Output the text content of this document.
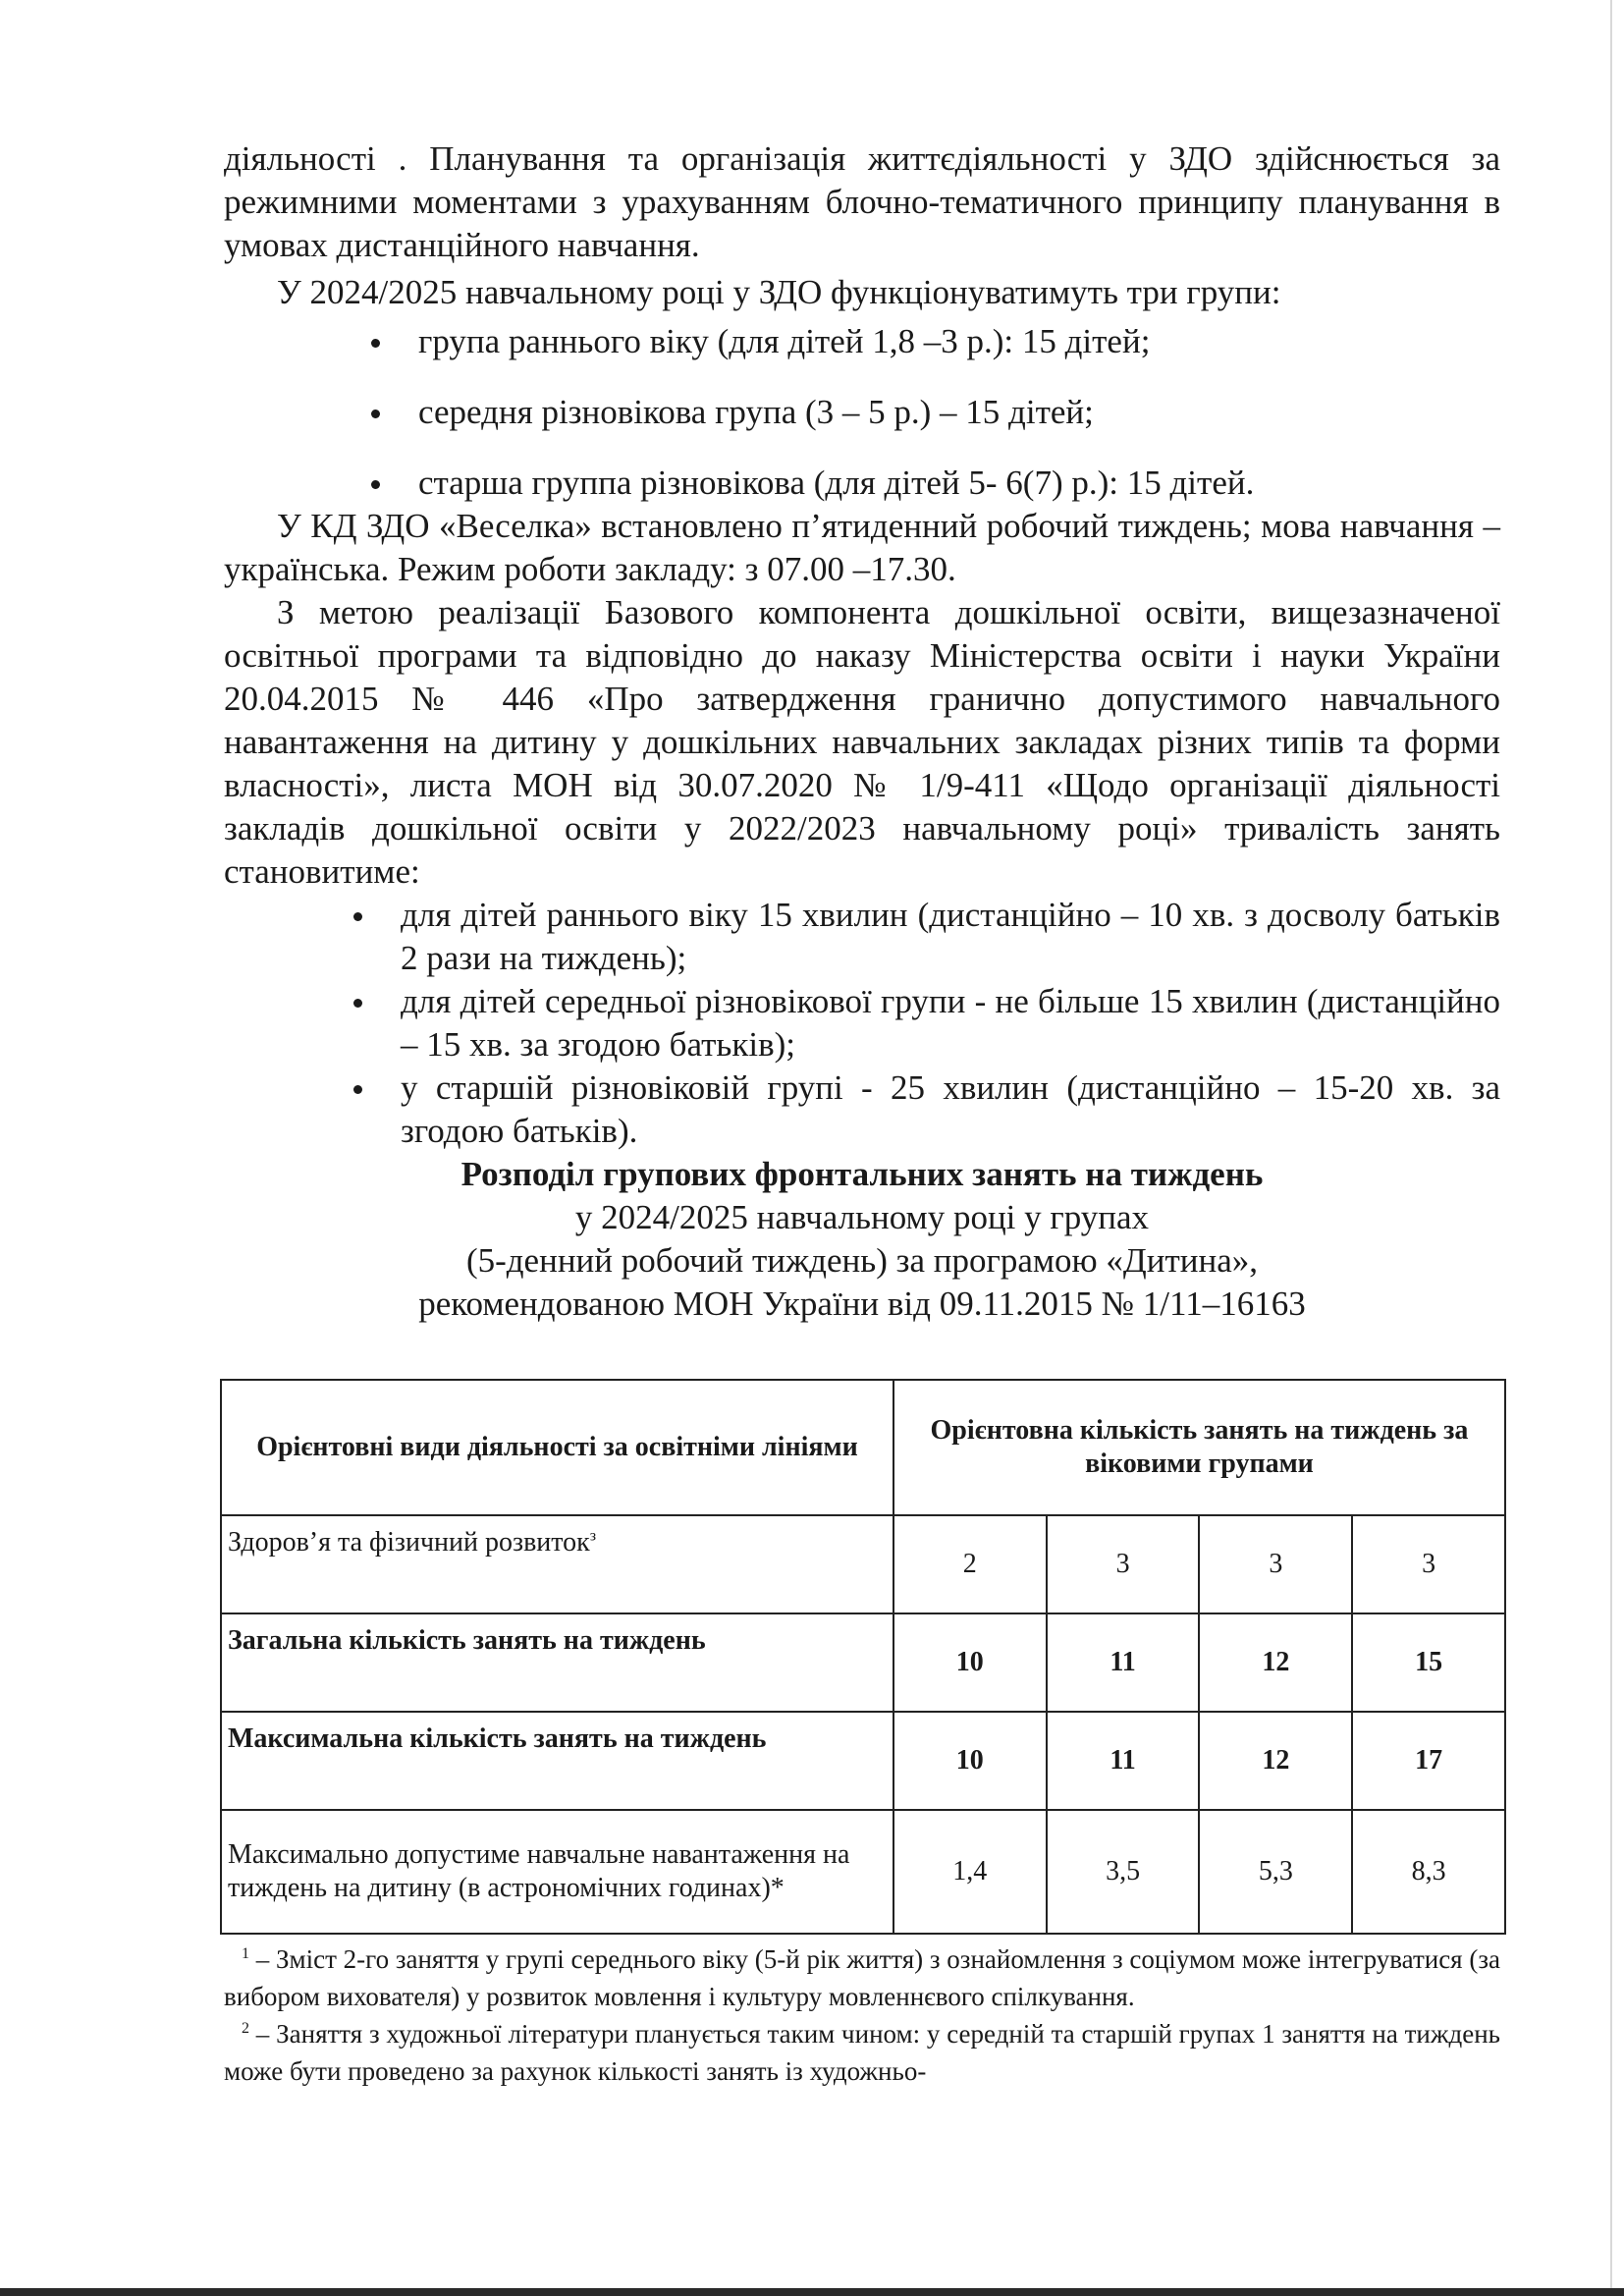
діяльності . Планування та організація життєдіяльності у ЗДО здійснюється за режимними моментами з урахуванням блочно-тематичного принципу планування в умовах дистанційного навчання.

У 2024/2025 навчальному році у ЗДО функціонуватимуть три групи:

група раннього віку (для дітей 1,8 –3 р.): 15 дітей;
середня різновікова група (3 – 5 р.) – 15 дітей;
старша группа різновікова (для дітей 5- 6(7) р.): 15 дітей.

У КД ЗДО «Веселка» встановлено п’ятиденний робочий тиждень; мова навчання – українська. Режим роботи закладу: з 07.00 –17.30.

З метою реалізації Базового компонента дошкільної освіти, вищезазначеної освітньої програми та відповідно до наказу Міністерства освіти і науки України 20.04.2015 № 446 «Про затвердження гранично допустимого навчального навантаження на дитину у дошкільних навчальних закладах різних типів та форми власності», листа МОН від 30.07.2020 № 1/9-411 «Щодо організації діяльності закладів дошкільної освіти у 2022/2023 навчальному році» тривалість занять становитиме:

для дітей раннього віку 15 хвилин (дистанційно – 10 хв. з досволу батьків 2 рази на тиждень);
для дітей середньої різновікової групи - не більше 15 хвилин (дистанційно – 15 хв. за згодою батьків);
у старшій різновіковій групі - 25 хвилин (дистанційно – 15-20 хв. за згодою батьків).

Розподіл групових фронтальних занять на тиждень

у 2024/2025 навчальному році у групах

(5-денний робочий тиждень) за програмою «Дитина»,

рекомендованою МОН України від 09.11.2015 № 1/11–16163

Орієнтовні види діяльності за освітніми лініями	Орієнтовна кількість занять на тиждень за віковими групами			
Здоров’я та фізичний розвиток$^з$	2	3	3	3
Загальна кількість занять на тиждень	10	11	12	15
Максимальна кількість занять на тиждень	10	11	12	17
Максимально допустиме навчальне навантаження на тиждень на дитину (в астрономічних годинах)*	1,4	3,5	5,3	8,3

$^1$ – Зміст 2-го заняття у групі середнього віку (5-й рік життя) з ознайомлення з соціумом може інтегруватися (за вибором вихователя) у розвиток мовлення і культуру мовленнєвого спілкування.

$^2$ – Заняття з художньої літератури планується таким чином: у середній та старшій групах 1 заняття на тиждень може бути проведено за рахунок кількості занять із художньо-
